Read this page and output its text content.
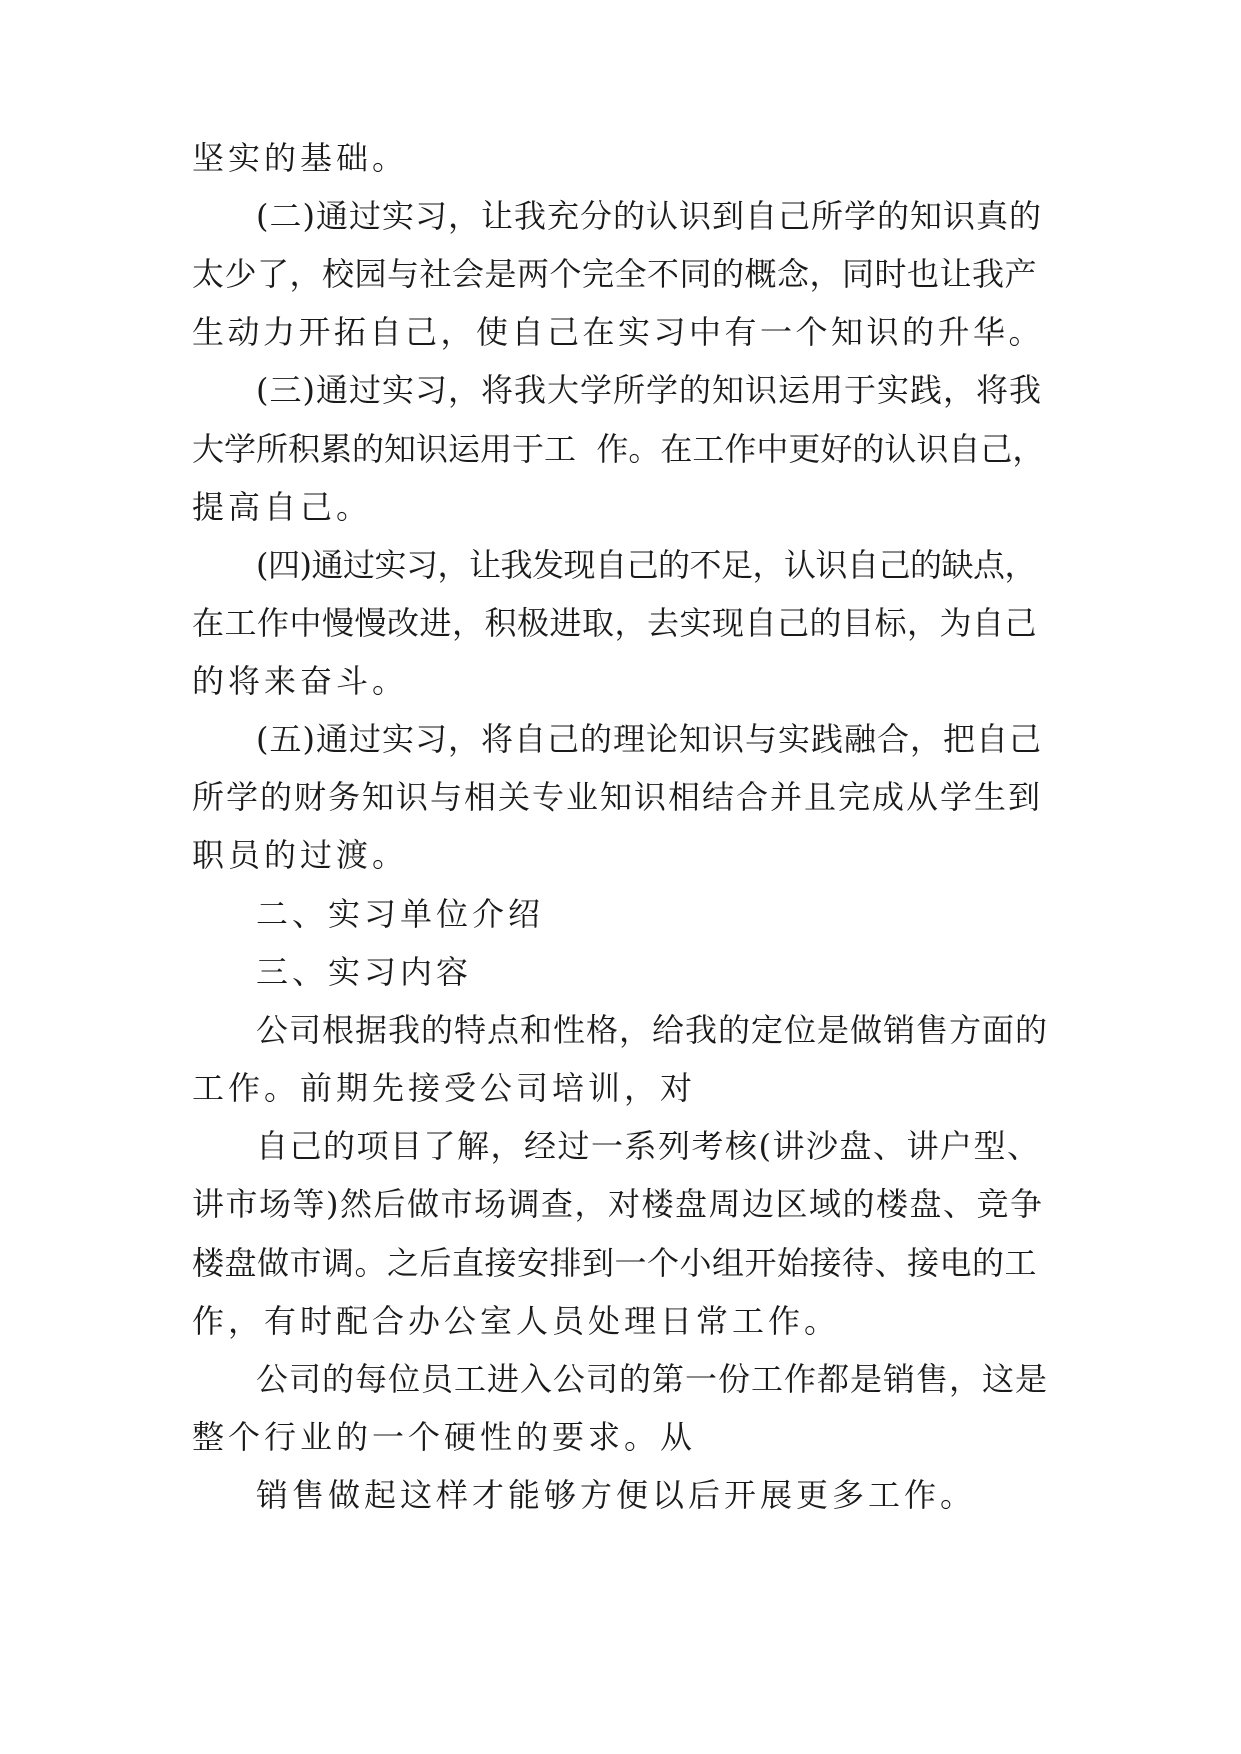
坚实的基础。
(二)通过实习，让我充分的认识到自己所学的知识真的
太少了，校园与社会是两个完全不同的概念，同时也让我产
生动力开拓自己，使自己在实习中有一个知识的升华。
(三)通过实习，将我大学所学的知识运用于实践，将我
大学所积累的知识运用于工  作。在工作中更好的认识自己，
提高自己。
(四)通过实习，让我发现自己的不足，认识自己的缺点，
在工作中慢慢改进，积极进取，去实现自己的目标，为自己
的将来奋斗。
(五)通过实习，将自己的理论知识与实践融合，把自己
所学的财务知识与相关专业知识相结合并且完成从学生到
职员的过渡。
二、实习单位介绍
三、实习内容
公司根据我的特点和性格，给我的定位是做销售方面的
工作。前期先接受公司培训，对
自己的项目了解，经过一系列考核(讲沙盘、讲户型、
讲市场等)然后做市场调查，对楼盘周边区域的楼盘、竞争
楼盘做市调。之后直接安排到一个小组开始接待、接电的工
作，有时配合办公室人员处理日常工作。
公司的每位员工进入公司的第一份工作都是销售，这是
整个行业的一个硬性的要求。从
销售做起这样才能够方便以后开展更多工作。
